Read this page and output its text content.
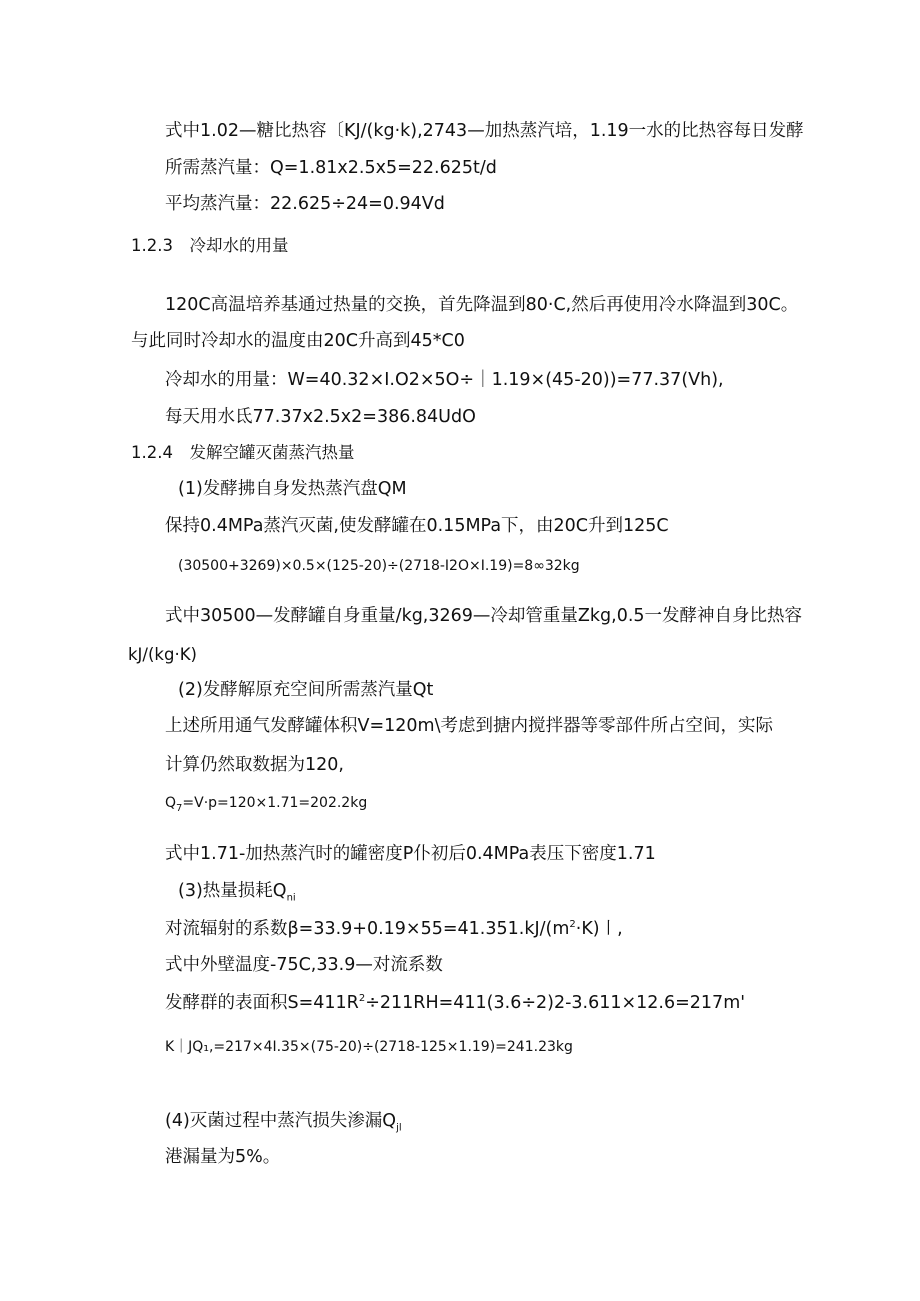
式中1.02—糖比热容〔KJ/(kg·k),2743—加热蒸汽培，1.19一水的比热容每日发酵
所需蒸汽量：Q=1.81x2.5x5=22.625t/d
平均蒸汽量：22.625÷24=0.94Vd
1.2.3　冷却水的用量
120C高温培养基通过热量的交换，首先降温到80·C,然后再使用冷水降温到30C。
与此同时冷却水的温度由20C升高到45*C0
冷却水的用量：W=40.32×I.O2×5O÷｜1.19×(45-20))=77.37(Vh),
每天用水氐77.37x2.5x2=386.84UdO
1.2.4　发解空罐灭菌蒸汽热量
(1)发酵拂自身发热蒸汽盘QM
保持0.4MPa蒸汽灭菌,使发酵罐在0.15MPa下，由20C升到125C
(30500+3269)×0.5×(125-20)÷(2718-I2O×I.19)=8∞32kg
式中30500—发酵罐自身重量/kg,3269—冷却管重量Zkg,0.5一发酵神自身比热容
kJ/(kg·K)
(2)发酵解原充空间所需蒸汽量Qt
上述所用通气发酵罐体积V=120m\考虑到搪内搅拌器等零部件所占空间，实际
计算仍然取数据为120,
$Q_7=V\cdot p=120\times 1.71=202.2kg$
式中1.71-加热蒸汽时的罐密度P仆初后0.4MPa表压下密度1.71
(3)热量损耗$Q_{ni}$
对流辐射的系数$\beta=33.9+0.19\times 55=41.351.kJ/(m^2\cdot K)$〡,
式中外壁温度-75C,33.9—对流系数
发酵群的表面积$S=411R^2\div 211RH=411(3.6\div 2)2-3.611\times 12.6=217m'$
K｜JQ₁,=217×4I.35×(75-20)÷(2718-125×1.19)=241.23kg
(4)灭菌过程中蒸汽损失渗漏$Q_{jl}$
港漏量为5%。
